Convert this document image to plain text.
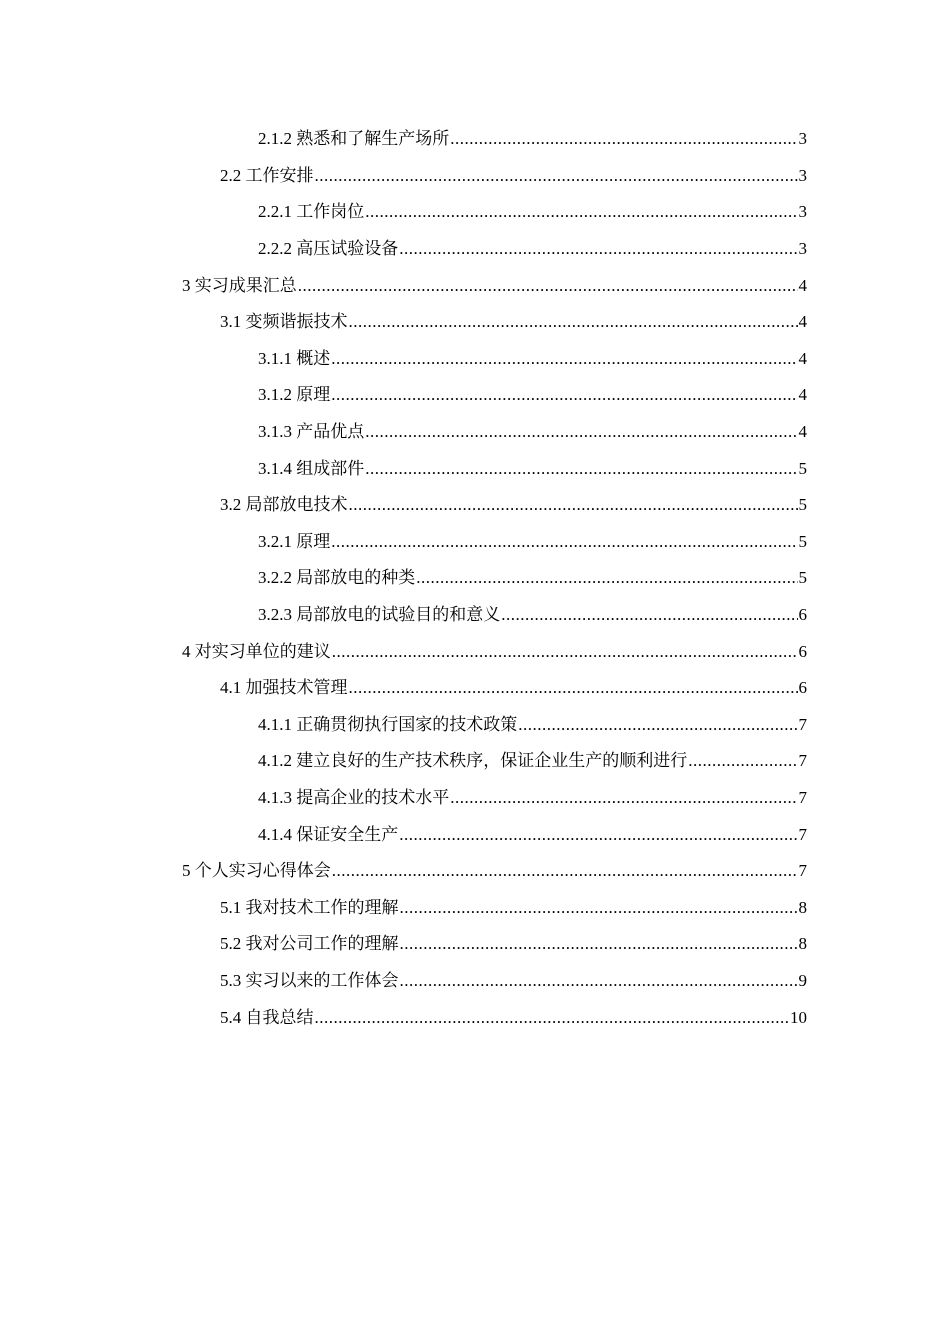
2.1.2 熟悉和了解生产场所 .....	3
2.2 工作安排 .....	3
2.2.1 工作岗位 .....	3
2.2.2 高压试验设备 .....	3
3 实习成果汇总 .....	4
3.1 变频谐振技术 .....	4
3.1.1 概述 .....	4
3.1.2 原理 .....	4
3.1.3 产品优点 .....	4
3.1.4 组成部件 .....	5
3.2 局部放电技术 .....	5
3.2.1 原理 .....	5
3.2.2 局部放电的种类 .....	5
3.2.3 局部放电的试验目的和意义 .....	6
4 对实习单位的建议 .....	6
4.1 加强技术管理 .....	6
4.1.1 正确贯彻执行国家的技术政策 .....	7
4.1.2 建立良好的生产技术秩序，保证企业生产的顺利进行 .....	7
4.1.3 提高企业的技术水平 .....	7
4.1.4 保证安全生产 .....	7
5 个人实习心得体会 .....	7
5.1 我对技术工作的理解 .....	8
5.2 我对公司工作的理解 .....	8
5.3 实习以来的工作体会 .....	9
5.4 自我总结 .....	10
